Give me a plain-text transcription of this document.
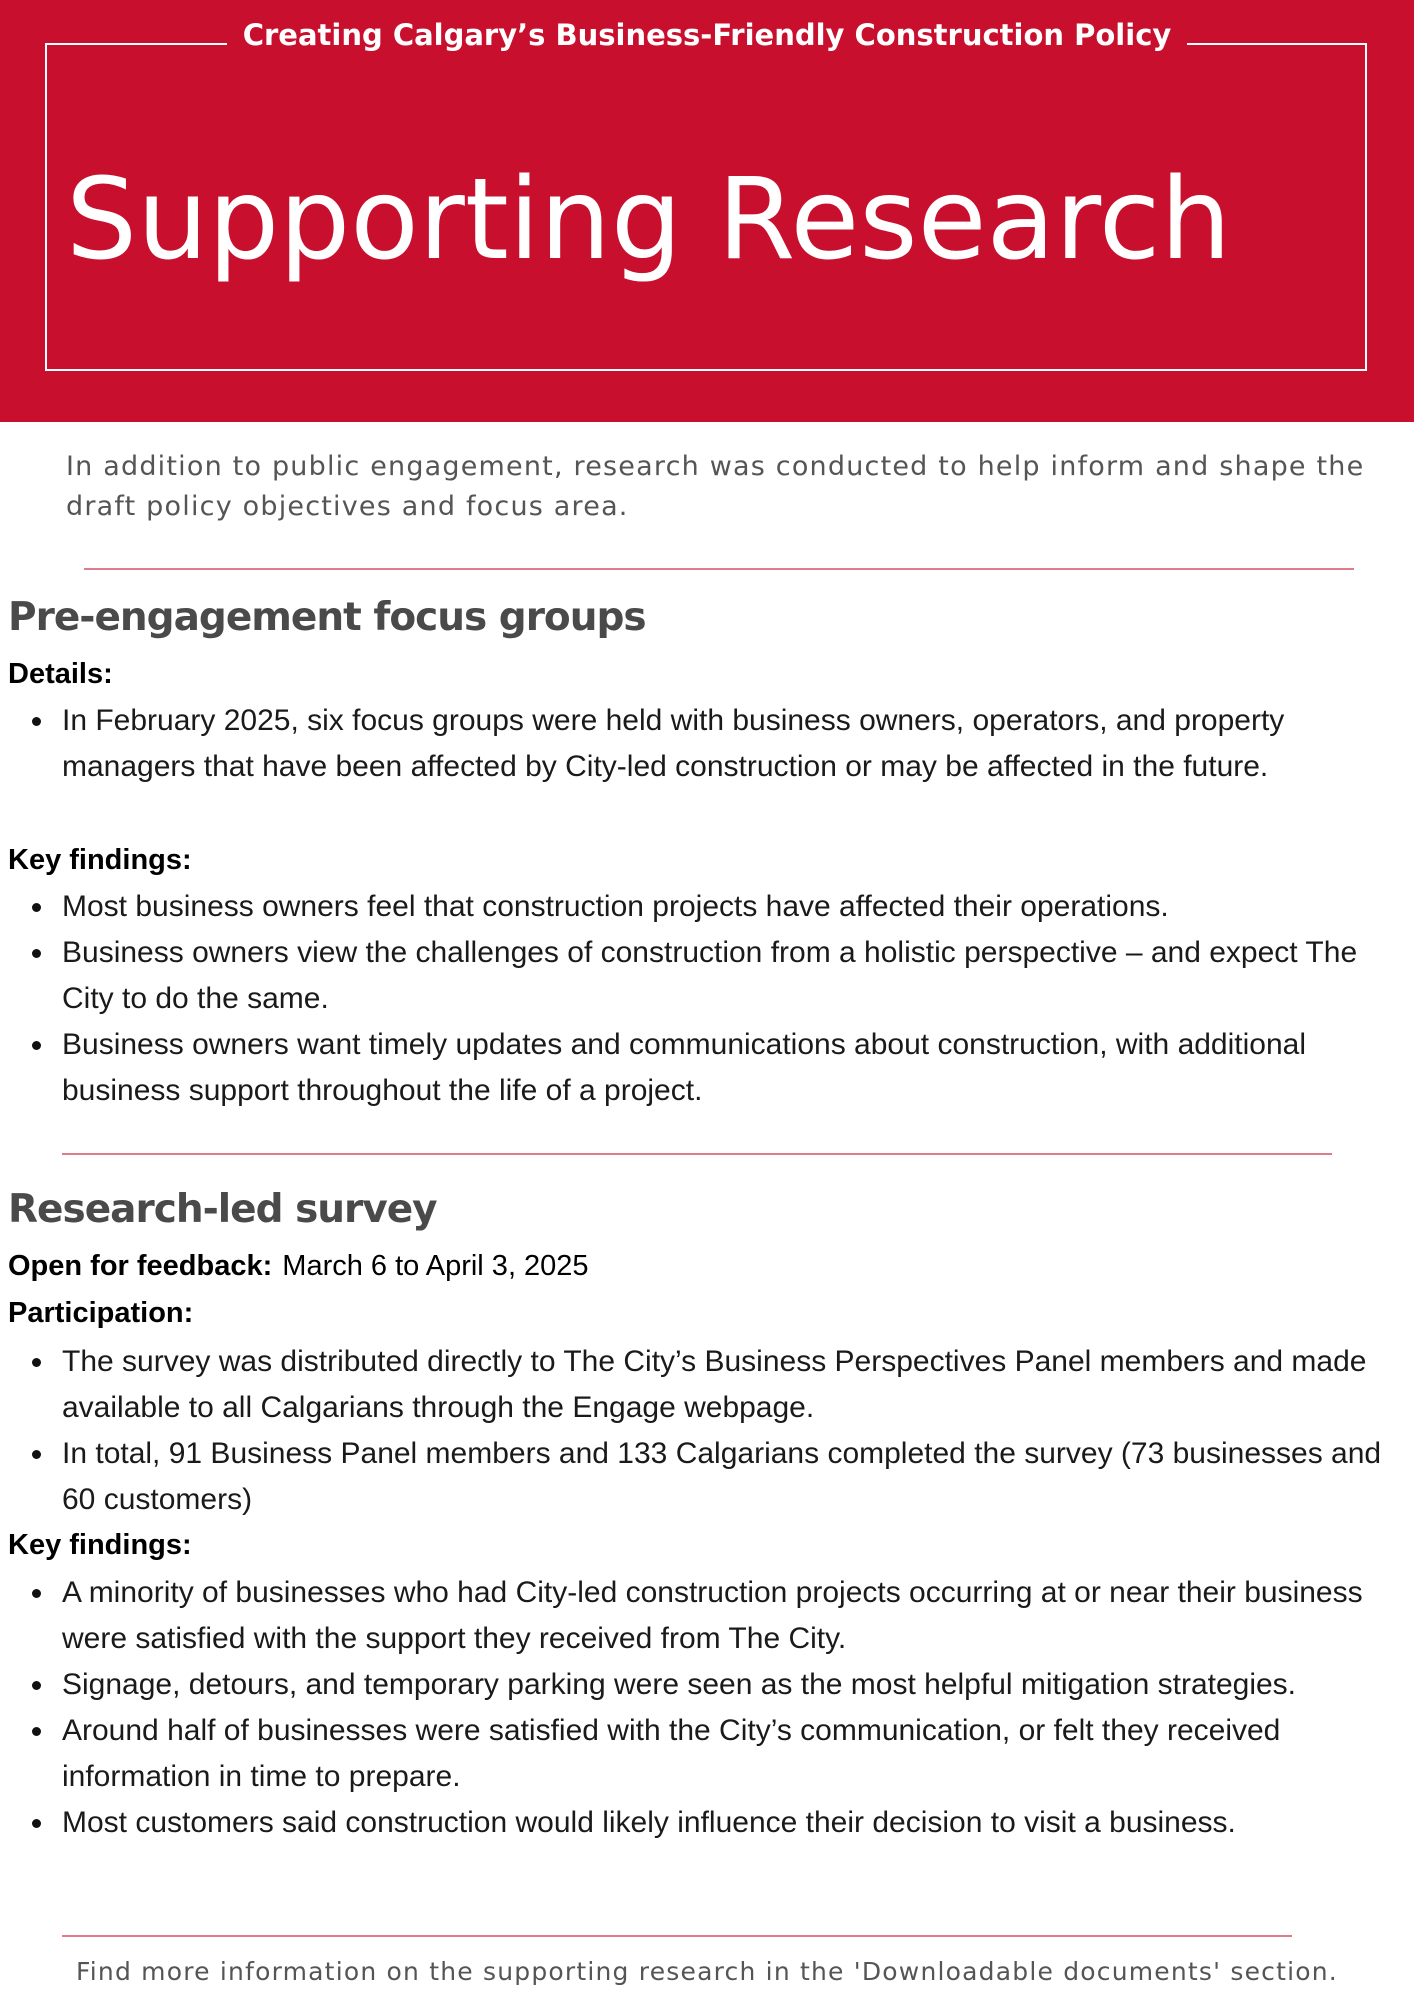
Creating Calgary’s Business-Friendly Construction Policy
Supporting Research
In addition to public engagement, research was conducted to help inform and shape the draft policy objectives and focus area.
Pre-engagement focus groups
Details:
In February 2025, six focus groups were held with business owners, operators, and property managers that have been affected by City-led construction or may be affected in the future.
Key findings:
Most business owners feel that construction projects have affected their operations.
Business owners view the challenges of construction from a holistic perspective – and expect The City to do the same.
Business owners want timely updates and communications about construction, with additional business support throughout the life of a project.
Research-led survey
Open for feedback: March 6 to April 3, 2025
Participation:
The survey was distributed directly to The City’s Business Perspectives Panel members and made available to all Calgarians through the Engage webpage.
In total, 91 Business Panel members and 133 Calgarians completed the survey (73 businesses and 60 customers)
Key findings:
A minority of businesses who had City-led construction projects occurring at or near their business were satisfied with the support they received from The City.
Signage, detours, and temporary parking were seen as the most helpful mitigation strategies.
Around half of businesses were satisfied with the City’s communication, or felt they received information in time to prepare.
Most customers said construction would likely influence their decision to visit a business.
Find more information on the supporting research in the 'Downloadable documents' section.
